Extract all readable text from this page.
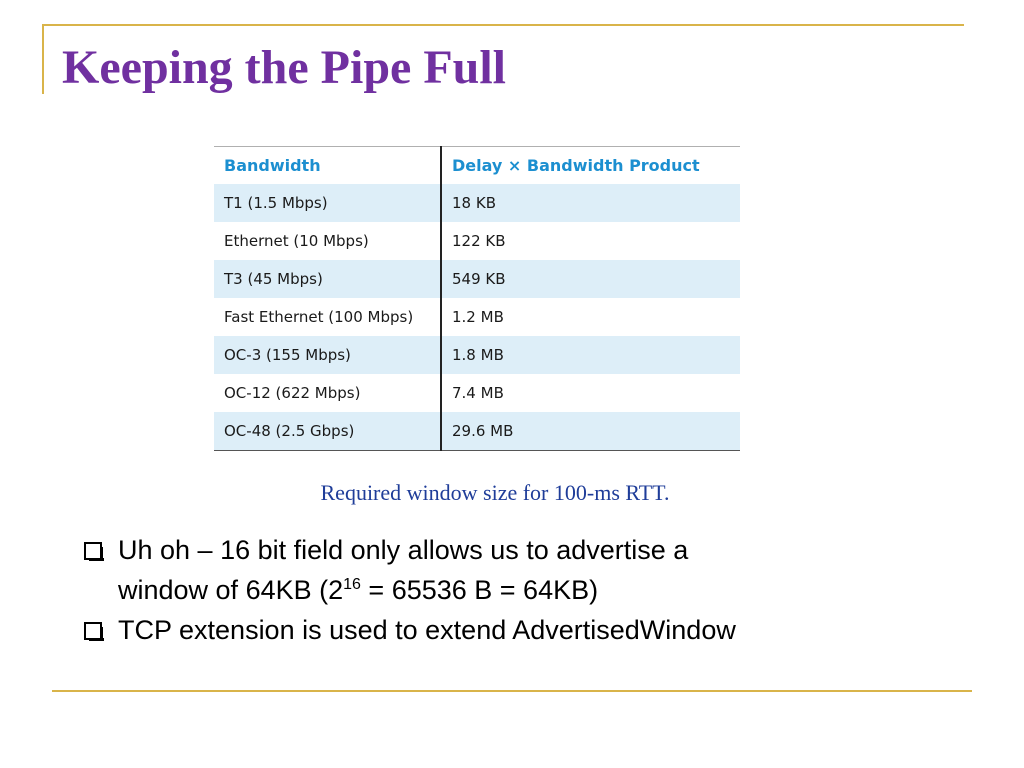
Keeping the Pipe Full
Bandwidth	Delay × Bandwidth Product
T1 (1.5 Mbps)	18 KB
Ethernet (10 Mbps)	122 KB
T3 (45 Mbps)	549 KB
Fast Ethernet (100 Mbps)	1.2 MB
OC-3 (155 Mbps)	1.8 MB
OC-12 (622 Mbps)	7.4 MB
OC-48 (2.5 Gbps)	29.6 MB
Required window size for 100-ms RTT.
Uh oh – 16 bit field only allows us to advertise a
window of 64KB ($2^{16} = 65536$ B = 64KB)
TCP extension is used to extend AdvertisedWindow
